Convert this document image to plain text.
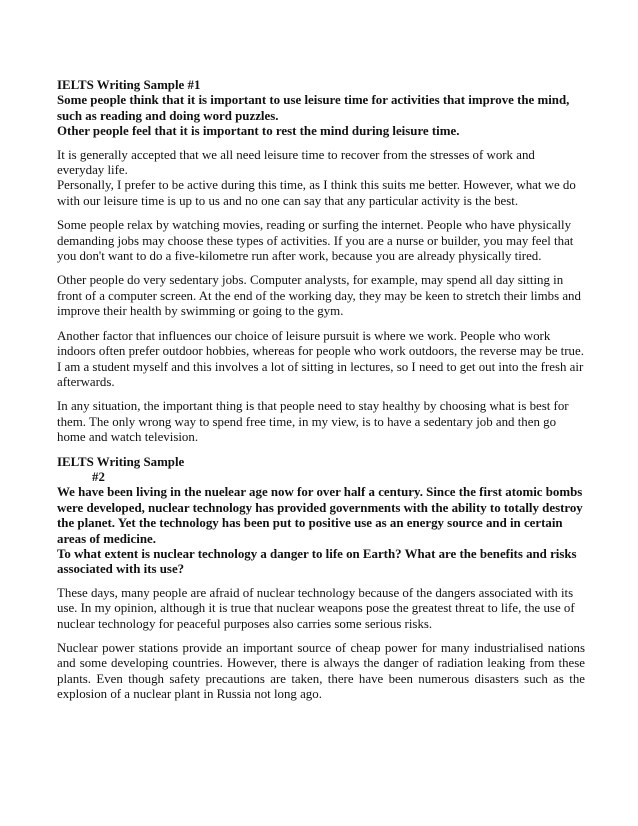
IELTS Writing Sample #1
Some people think that it is important to use leisure time for activities that improve the mind, such as reading and doing word puzzles.
Other people feel that it is important to rest the mind during leisure time.

It is generally accepted that we all need leisure time to recover from the stresses of work and everyday life.

Personally, I prefer to be active during this time, as I think this suits me better. However, what we do with our leisure time is up to us and no one can say that any particular activity is the best.

Some people relax by watching movies, reading or surfing the internet. People who have physically demanding jobs may choose these types of activities. If you are a nurse or builder, you may feel that you don't want to do a five-kilometre run after work, because you are already physically tired.

Other people do very sedentary jobs. Computer analysts, for example, may spend all day sitting in front of a computer screen. At the end of the working day, they may be keen to stretch their limbs and improve their health by swimming or going to the gym.

Another factor that influences our choice of leisure pursuit is where we work. People who work indoors often prefer outdoor hobbies, whereas for people who work outdoors, the reverse may be true. I am a student myself and this involves a lot of sitting in lectures, so I need to get out into the fresh air afterwards.

In any situation, the important thing is that people need to stay healthy by choosing what is best for them. The only wrong way to spend free time, in my view, is to have a sedentary job and then go home and watch television.

IELTS Writing Sample
#2
We have been living in the nuelear age now for over half a century. Since the first atomic bombs were developed, nuclear technology has provided governments with the ability to totally destroy the planet. Yet the technology has been put to positive use as an energy source and in certain areas of medicine.
To what extent is nuclear technology a danger to life on Earth? What are the benefits and risks associated with its use?

These days, many people are afraid of nuclear technology because of the dangers associated with its use. In my opinion, although it is true that nuclear weapons pose the greatest threat to life, the use of nuclear technology for peaceful purposes also carries some serious risks.

Nuclear power stations provide an important source of cheap power for many industrialised nations and some developing countries. However, there is always the danger of radiation leaking from these plants. Even though safety precautions are taken, there have been numerous disasters such as the explosion of a nuclear plant in Russia not long ago.
